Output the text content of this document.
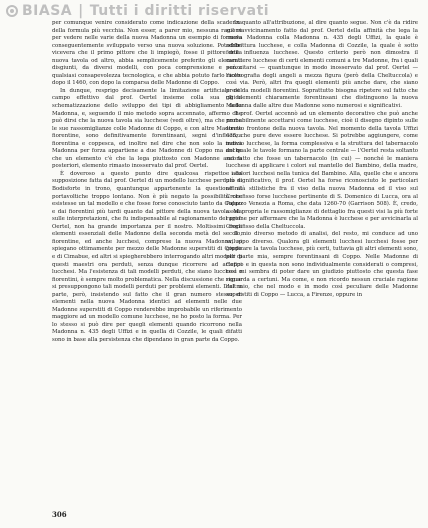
BIASA | Tutti i diritti riservati

per comunque venire considerato come indicazione della scadenza della formula più vecchia. Non esser, a parer mio, nessuna ragione per vedere nelle varie della nuova Madonna un esempio di formula conseguentemente sviluppato verso una nuova soluzione. Potrebbe vicevera che il primo pittore che li impiegò, fosse il pittore della nuova tavola od altro, abbia semplicemente preferito gli elementi disgiunti, da diversi modelli, con poca comprensione e senza qualsiasi consapevolezza tecnologica, e che abbia potuto farlo molto dopo il 1460, con dopo la comparsa delle Madonne di Coppo.

In dunque, resprigo decisamente la limitazione artificiale del campo effettivo dal prof. Oertel insieme colla sua rigida schematizzazione dello sviluppo dei tipi di abbigliamento della Madonna, e, seguendo il mio metodo sopra accennato, affermo che può dirsi che la nuova tavola sia lucchese (vedi oltre), ma che nume le sue rassomiglianze colle Madonne di Coppo, e con altre Madonne fiorentine, sono definitivamente forentinsani, segni d'influenza fiorentina e coppesca, ed inoltre nel dire che non solo la nuova Madonna per forza appartiene a due Madonne di Coppo ma anche che un elemento c'è che la lega piuttosto con Madonne ancora posteriori, elemento rimasto inosservato dal prof. Oertel.

È doveroso a questo punto dire qualcosa rispetto alla supposizione fatta dal prof. Oertel di un modello lucchese perduto di Bodisforte in trono, quantunque appartenente la questione al portavoltiche troppo lontano. Non è più negato la possibilità che esistesse un tal modello e che fosse forse conosciuto tanto da Coppo e dai fiorentini più tardi quanto dal pittore della nuova tavola. Ma sulle interpretazioni, che fu indispensabile al ragionamento del prof. Oertel, non ha grande importanza per il nostro. Moltissimi degli elementi essenziali delle Madonne della seconda metà del secolo, fiorentine, ed anche lucchesi, comprese la nuova Madonna, si spiegano ottimamente per mezzo delle Madonne superstiti di Coppo e di Cimabue, ed altri si spiegherebbero interrogando altri modelli di questi maestri ora perduti, senza dunque ricorrere ad artefici lucchesi. Ma l'esistenza di tali modelli perduti, che siano lucchesi o fiorentini, è sempre molto problematica. Nella discussione che segue si presuppongono tali modelli perduti per problemi elementi. D'altra parte, però, insistendo sul fatto che il gran numero stesso di elementi nella nuova Madonna identici ad elementi nelle due Madonne superstiti di Coppo renderebbe improbabile un riferimento maggiore ad un modello comune lucchese, ne ho posto la forma. Per lo stesso si può dire per quegli elementi quando ricorrono nella Madonna n. 435 degli Uffizi e in quella di Cozzile, le quali difatti sono in base alla persistenza che dipendano in gran parte da Coppo.

In quanto all'attribuzione, al dire quanto segue. Non c'è da ridire sul riavvicinamento fatto dal prof. Oertel della affinità che lega la nuova Madonna colla Madonna n. 435 degli Uffizi, la quale è addirittura lucchese, e colla Madonna di Cozzile, la quale è sotto forte influenza lucchese. Questo criterio però non dimostra il carattere lucchese di certi elementi comuni a tre Madonne, fra i quali può citarsi — quantunque in modo inosservato dal prof. Oertel — l'iconografia degli angeli a mezza figura (però della Cheltuccola) e così via. Però, altri fra quegli elementi più anche dare, che siano presi da modelli fiorentini. Soprattutto bisogna ripetere sul fatto che gli elementi chiaramente forentinsani che distinguono la nuova Madonna dalle altre due Madonne sono numerosi e significativi.

Il prof. Oertel accennò ad un elemento decorativo che può anche probabilmente accettarsi come lucchese, cioè il disegno dipinto sulle stretto frontone della nuova tavola. Nel momento della tavola Uffizi 435, che pure deve essere lucchese. Si potrebbe aggiungere, come indizio lucchese, la forma complessiva e la struttura del tabernacolo del quale le tavole formano la parte centrale — l'Oertel resta soltanto sul fatto che fosse un tabernacolo (in cui) — nonché le maniera lucchese di applicare i colori sul mantello del Bambino, della madre, e i colori lucchesi nella tunica del Bambino. Alla, quelle che e ancora più significativo, il prof. Oertel ha forse riconosciuto le particolari affinità stilistiche fra il viso della nuova Madonna ed il viso sul Crocefisso forse lucchese pertinente di S. Domenico di Lucca, ora al Palazzo Venezia a Roma, che data 1260-70 (Garrison 508). È, credo, assai propria le rassomiglianze di dettaglio fra questi visi la più forte ragione per affermare che la Madonna è lucchese e per avvicinarla al Crocefisso della Cheltuccola.

Il mio diverso metodo di analisi, del resto, mi conduce ad uno sviluppo diverso. Qualora gli elementi lucchesi lucchesi fosse per giudicare la tavola lucchese, più certi, tuttavia gli altri elementi sono, per parte mia, sempre forentinsani di Coppo. Nelle Madonne di Coppo e in questa non sono individualmente considerati o compresi, così mi sembra di poter dare un giudizio piuttosto che questa fase riguarda a certuni. Ma come, e non ricordo nessun cruciale ragione del mio, che nel modo e in modo così peculiare delle Madonne superstiti di Coppo — Lucca, a Firenze, oppure in

306
